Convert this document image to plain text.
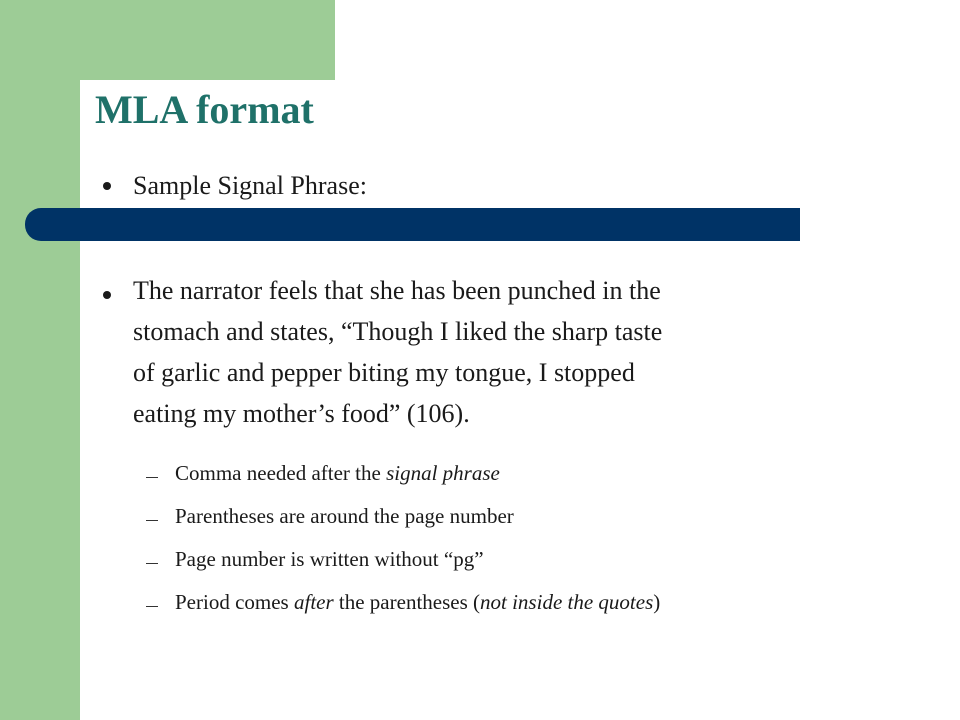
MLA format

Sample Signal Phrase:

The narrator feels that she has been punched in the
stomach and states, “Though I liked the sharp taste
of garlic and pepper biting my tongue, I stopped
eating my mother’s food” (106).

Comma needed after the signal phrase

Parentheses are around the page number

Page number is written without “pg”

Period comes after the parentheses (not inside the quotes)
